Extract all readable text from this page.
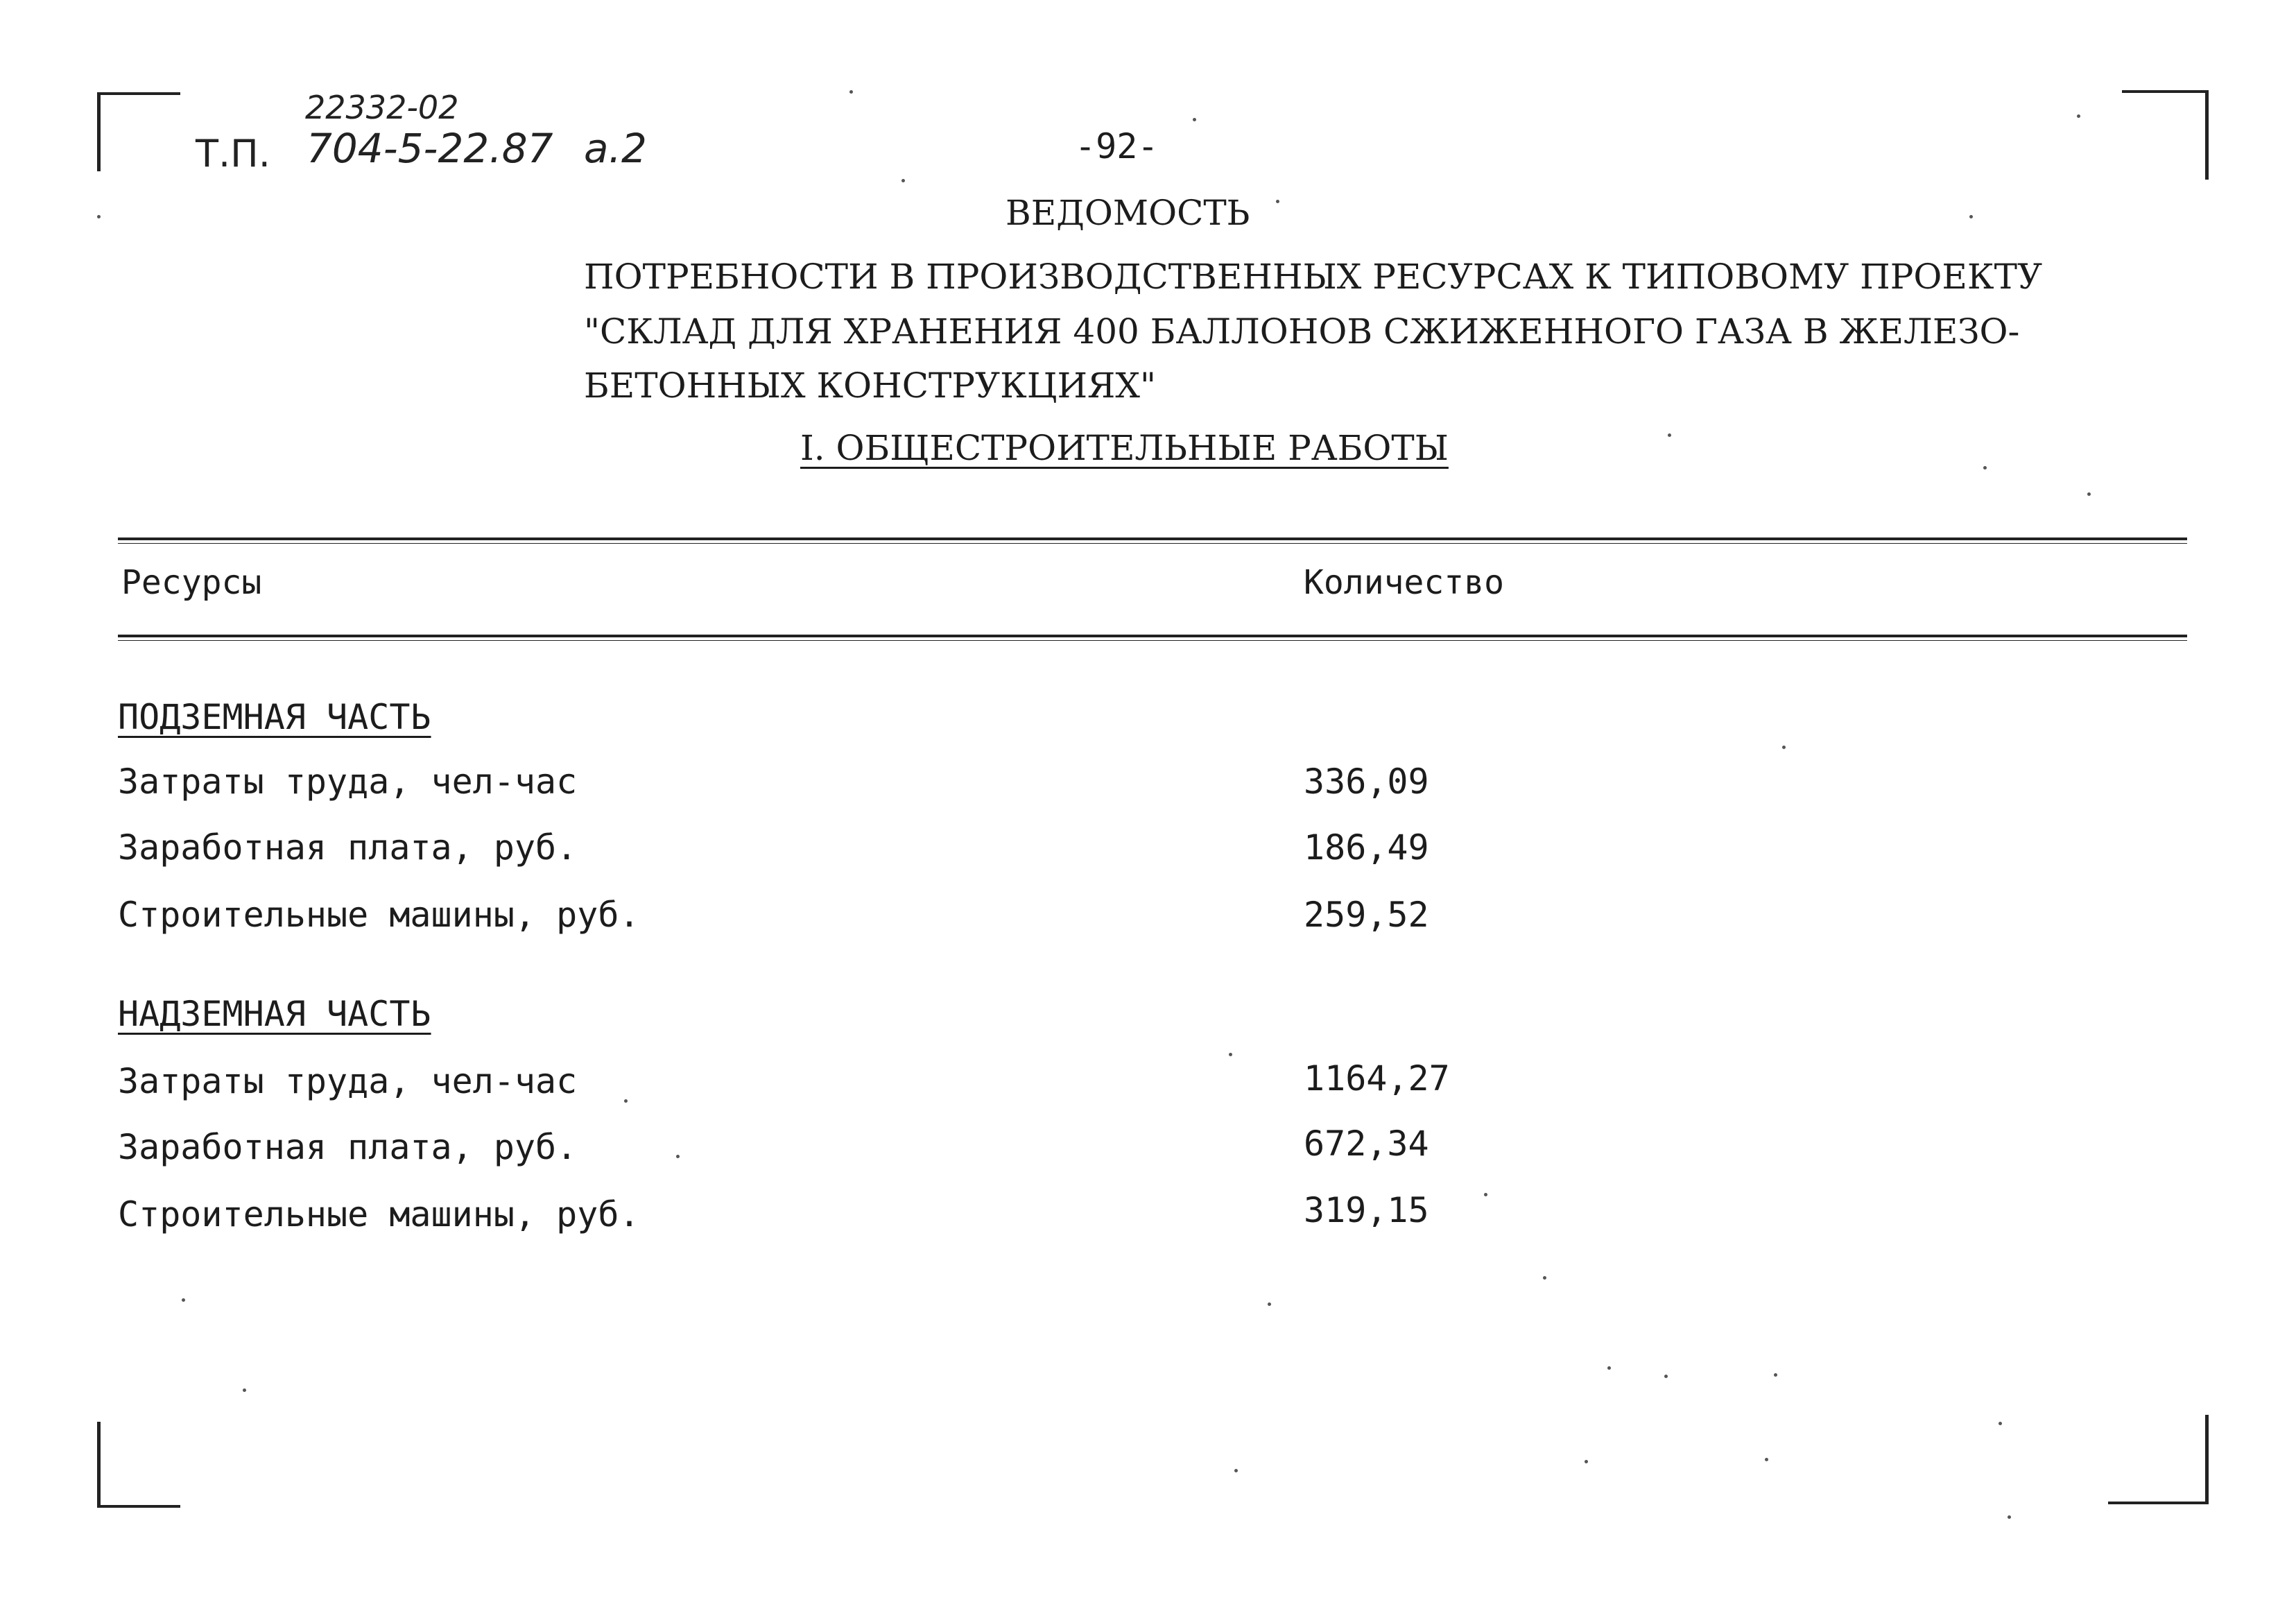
22332-02
Т.П. 704-5-22.87 а.2	-92-
ВЕДОМОСТЬ
ПОТРЕБНОСТИ В ПРОИЗВОДСТВЕННЫХ РЕСУРСАХ К ТИПОВОМУ ПРОЕКТУ
"СКЛАД ДЛЯ ХРАНЕНИЯ 400 БАЛЛОНОВ СЖИЖЕННОГО ГАЗА В ЖЕЛЕЗО-
БЕТОННЫХ КОНСТРУКЦИЯХ"
I. ОБЩЕСТРОИТЕЛЬНЫЕ РАБОТЫ
Ресурсы	Количество
ПОДЗЕМНАЯ ЧАСТЬ
Затраты труда, чел-час	336,09
Заработная плата, руб.	186,49
Строительные машины, руб.	259,52
НАДЗЕМНАЯ ЧАСТЬ
Затраты труда, чел-час	1164,27
Заработная плата, руб.	672,34
Строительные машины, руб.	319,15
